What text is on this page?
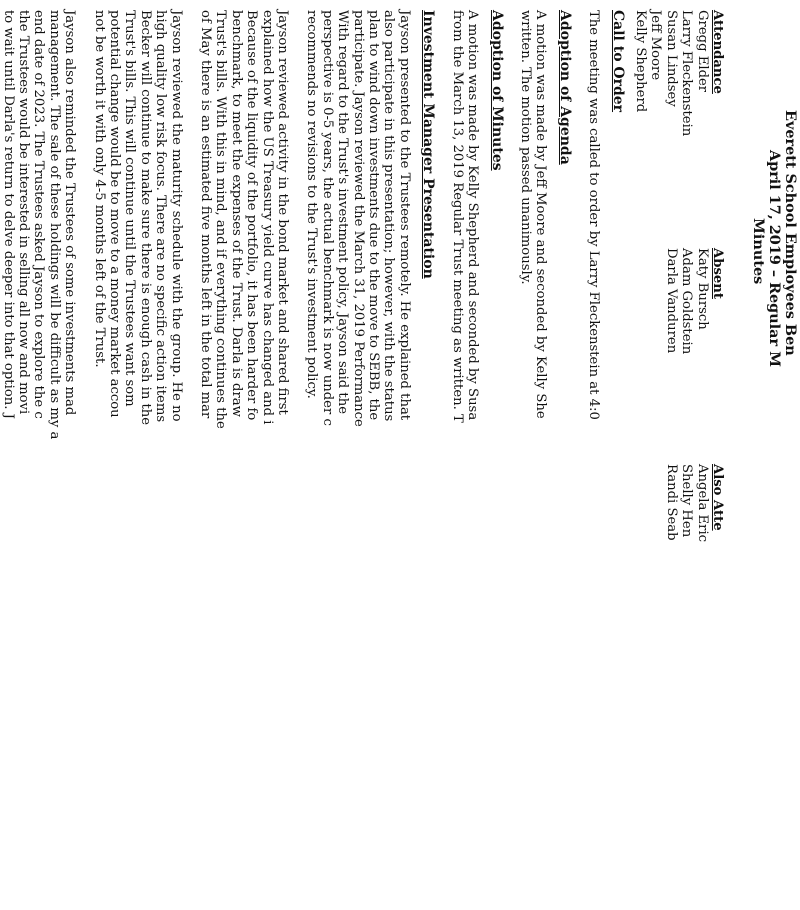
Everett School Employees Ben
April 17, 2019 – Regular M
Minutes
Attendance
Gregg Elder
Larry Fleckenstein
Susan Lindsey
Jeff Moore
Kelly Shepherd
Absent
Katy Bursch
Adam Goldstein
Darla Vanduren
Also Atte
Angela Eric
Shelly Hen
Randi Seab
Call to Order
The meeting was called to order by Larry Fleckenstein at 4:0
Adoption of Agenda
A motion was made by Jeff Moore and seconded by Kelly She
written. The motion passed unanimously.
Adoption of Minutes
A motion was made by Kelly Shepherd and seconded by Susa
from the March 13, 2019 Regular Trust meeting as written. T
Investment Manager Presentation
Jayson presented to the Trustees remotely. He explained that
also participate in this presentation; however, with the status
plan to wind down investments due to the move to SEBB, the
participate. Jayson reviewed the March 31, 2019 Performance
With regard to the Trust's investment policy, Jayson said the
perspective is 0-5 years, the actual benchmark is now under c
recommends no revisions to the Trust's investment policy.
Jayson reviewed activity in the bond market and shared first
explained how the US Treasury yield curve has changed and i
Because of the liquidity of the portfolio, it has been harder fo
benchmark, to meet the expenses of the Trust. Darla is draw
Trust's bills. With this in mind, and if everything continues the
of May there is an estimated five months left in the total mar
Jayson reviewed the maturity schedule with the group. He no
high quality low risk focus. There are no specific action items
Becker will continue to make sure there is enough cash in the
Trust's bills. This will continue until the Trustees want som
potential change would be to move to a money market accou
not be worth it with only 4-5 months left of the Trust.
Jayson also reminded the Trustees of some investments mad
management. The sale of these holdings will be difficult as my a
end date of 2023. The Trustees asked Jayson to explore the c
the Trustees would be interested in selling all now and movi
to wait until Darla's return to delve deeper into that option. J
